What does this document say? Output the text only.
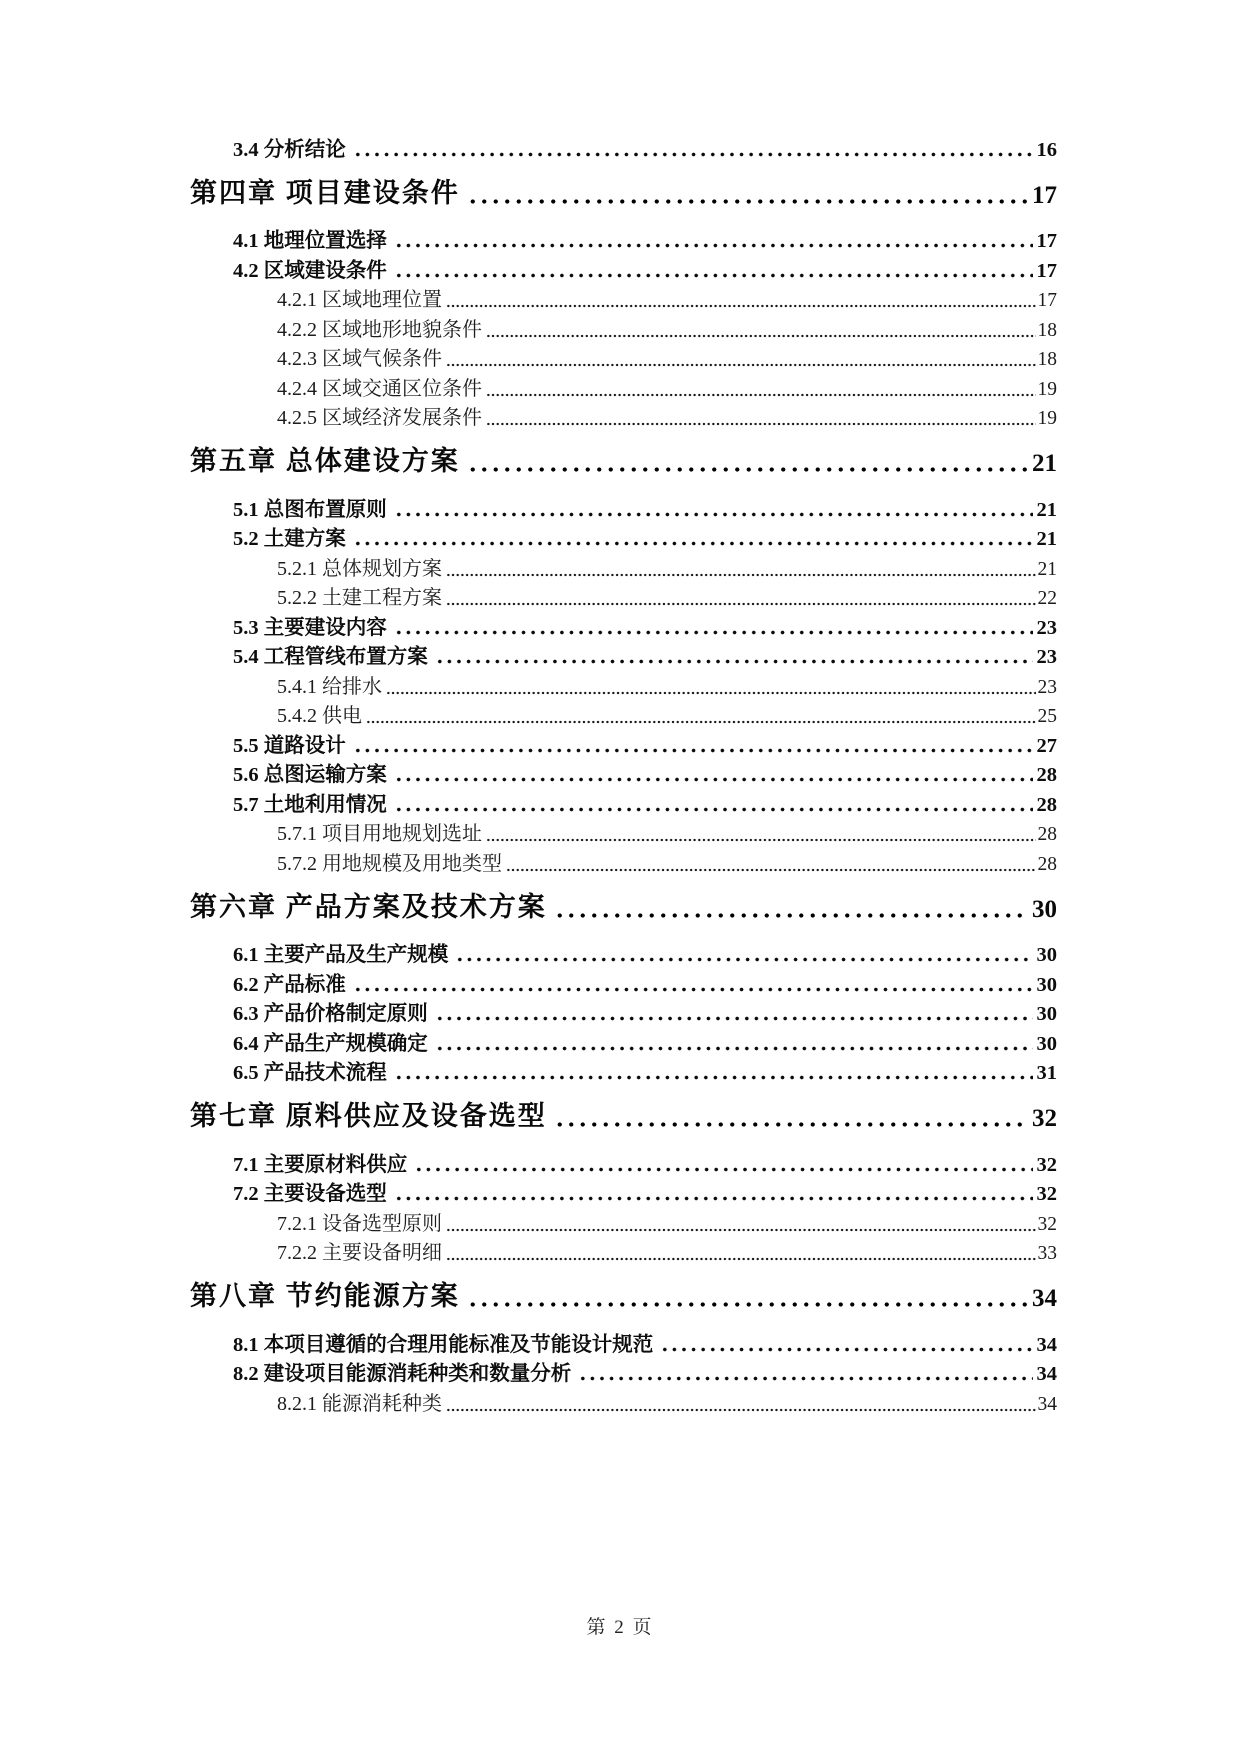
3.4 分析结论	16
第四章 项目建设条件	17
4.1 地理位置选择	17
4.2 区域建设条件	17
4.2.1 区域地理位置	17
4.2.2 区域地形地貌条件	18
4.2.3 区域气候条件	18
4.2.4 区域交通区位条件	19
4.2.5 区域经济发展条件	19
第五章 总体建设方案	21
5.1 总图布置原则	21
5.2 土建方案	21
5.2.1 总体规划方案	21
5.2.2 土建工程方案	22
5.3 主要建设内容	23
5.4 工程管线布置方案	23
5.4.1 给排水	23
5.4.2 供电	25
5.5 道路设计	27
5.6 总图运输方案	28
5.7 土地利用情况	28
5.7.1 项目用地规划选址	28
5.7.2 用地规模及用地类型	28
第六章 产品方案及技术方案	30
6.1 主要产品及生产规模	30
6.2 产品标准	30
6.3 产品价格制定原则	30
6.4 产品生产规模确定	30
6.5 产品技术流程	31
第七章 原料供应及设备选型	32
7.1 主要原材料供应	32
7.2 主要设备选型	32
7.2.1 设备选型原则	32
7.2.2 主要设备明细	33
第八章 节约能源方案	34
8.1 本项目遵循的合理用能标准及节能设计规范	34
8.2 建设项目能源消耗种类和数量分析	34
8.2.1 能源消耗种类	34
第 2 页
